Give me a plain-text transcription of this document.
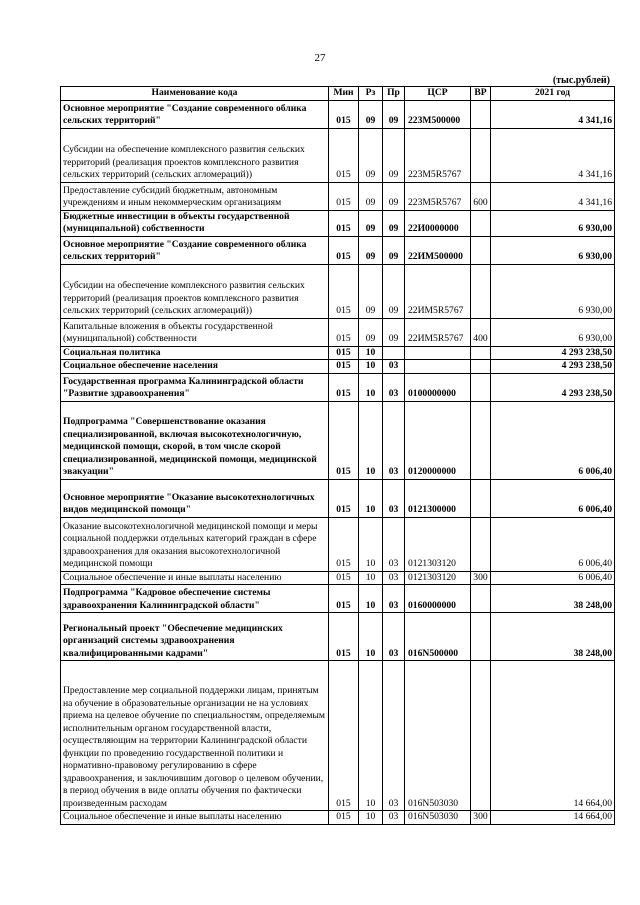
27
(тыс.рублей)
Наименование кода	Мин	Рз	Пр	ЦСР	ВР	2021 год
Основное мероприятие "Создание современного облика сельских территорий"	015	09	09	223М500000		4 341,16
Субсидии на обеспечение комплексного развития сельских территорий (реализация проектов комплексного развития сельских территорий (сельских агломераций))	015	09	09	223М5R5767		4 341,16
Предоставление субсидий бюджетным, автономным учреждениям и иным некоммерческим организациям	015	09	09	223М5R5767	600	4 341,16
Бюджетные инвестиции в объекты государственной (муниципальной) собственности	015	09	09	22И0000000		6 930,00
Основное мероприятие "Создание современного облика сельских территорий"	015	09	09	22ИМ500000		6 930,00
Субсидии на обеспечение комплексного развития сельских территорий (реализация проектов комплексного развития сельских территорий (сельских агломераций))	015	09	09	22ИМ5R5767		6 930,00
Капитальные вложения в объекты государственной (муниципальной) собственности	015	09	09	22ИМ5R5767	400	6 930,00
Социальная политика	015	10				4 293 238,50
Социальное обеспечение населения	015	10	03			4 293 238,50
Государственная программа Калининградской области "Развитие здравоохранения"	015	10	03	0100000000		4 293 238,50
Подпрограмма "Совершенствование оказания специализированной, включая высокотехнологичную, медицинской помощи, скорой, в том числе скорой специализированной, медицинской помощи, медицинской эвакуации"	015	10	03	0120000000		6 006,40
Основное мероприятие "Оказание высокотехнологичных видов медицинской помощи"	015	10	03	0121300000		6 006,40
Оказание высокотехнологичной медицинской помощи и меры социальной поддержки отдельных категорий граждан в сфере здравоохранения для оказания высокотехнологичной медицинской помощи	015	10	03	0121303120		6 006,40
Социальное обеспечение и иные выплаты населению	015	10	03	0121303120	300	6 006,40
Подпрограмма "Кадровое обеспечение системы здравоохранения Калининградской области"	015	10	03	0160000000		38 248,00
Региональный проект "Обеспечение медицинских организаций системы здравоохранения квалифицированными кадрами"	015	10	03	016N500000		38 248,00
Предоставление мер социальной поддержки лицам, принятым на обучение в образовательные организации не на условиях приема на целевое обучение по специальностям, определяемым исполнительным органом государственной власти, осуществляющим на территории Калининградской области функции по проведению государственной политики и нормативно-правовому регулированию в сфере здравоохранения, и заключившим договор о целевом обучении, в период обучения в виде оплаты обучения по фактически произведенным расходам	015	10	03	016N503030		14 664,00
Социальное обеспечение и иные выплаты населению	015	10	03	016N503030	300	14 664,00
